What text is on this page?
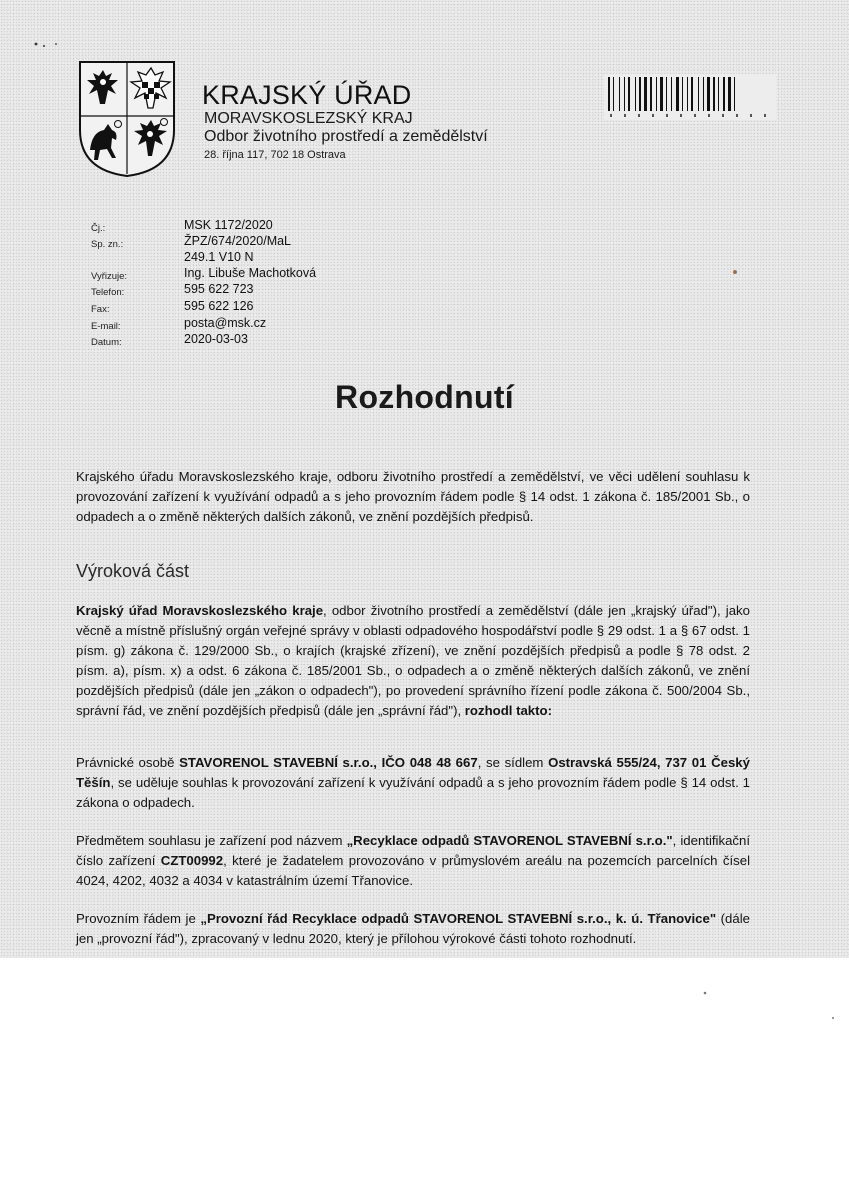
KRAJSKÝ ÚŘAD
MORAVSKOSLEZSKÝ KRAJ
Odbor životního prostředí a zemědělství
28. října 117, 702 18 Ostrava
Čj.:	MSK 1172/2020
Sp. zn.:	ŽPZ/674/2020/MaL
249.1 V10 N
Vyřizuje:	Ing. Libuše Machotková
Telefon:	595 622 723
Fax:	595 622 126
E-mail:	posta@msk.cz
Datum:	2020-03-03
Rozhodnutí
Krajského úřadu Moravskoslezského kraje, odboru životního prostředí a zemědělství, ve věci udělení souhlasu k provozování zařízení k využívání odpadů a s jeho provozním řádem podle § 14 odst. 1 zákona č. 185/2001 Sb., o odpadech a o změně některých dalších zákonů, ve znění pozdějších předpisů.
Výroková část
Krajský úřad Moravskoslezského kraje, odbor životního prostředí a zemědělství (dále jen „krajský úřad"), jako věcně a místně příslušný orgán veřejné správy v oblasti odpadového hospodářství podle § 29 odst. 1 a § 67 odst. 1 písm. g) zákona č. 129/2000 Sb., o krajích (krajské zřízení), ve znění pozdějších předpisů a podle § 78 odst. 2 písm. a), písm. x) a odst. 6 zákona č. 185/2001 Sb., o odpadech a o změně některých dalších zákonů, ve znění pozdějších předpisů (dále jen „zákon o odpadech"), po provedení správního řízení podle zákona č. 500/2004 Sb., správní řád, ve znění pozdějších předpisů (dále jen „správní řád"), rozhodl takto:
Právnické osobě STAVORENOL STAVEBNÍ s.r.o., IČO 048 48 667, se sídlem Ostravská 555/24, 737 01 Český Těšín, se uděluje souhlas k provozování zařízení k využívání odpadů a s jeho provozním řádem podle § 14 odst. 1 zákona o odpadech.
Předmětem souhlasu je zařízení pod názvem „Recyklace odpadů STAVORENOL STAVEBNÍ s.r.o.", identifikační číslo zařízení CZT00992, které je žadatelem provozováno v průmyslovém areálu na pozemcích parcelních čísel 4024, 4202, 4032 a 4034 v katastrálním území Třanovice.
Provozním řádem je „Provozní řád Recyklace odpadů STAVORENOL STAVEBNÍ s.r.o., k. ú. Třanovice" (dále jen „provozní řád"), zpracovaný v lednu 2020, který je přílohou výrokové části tohoto rozhodnutí.
